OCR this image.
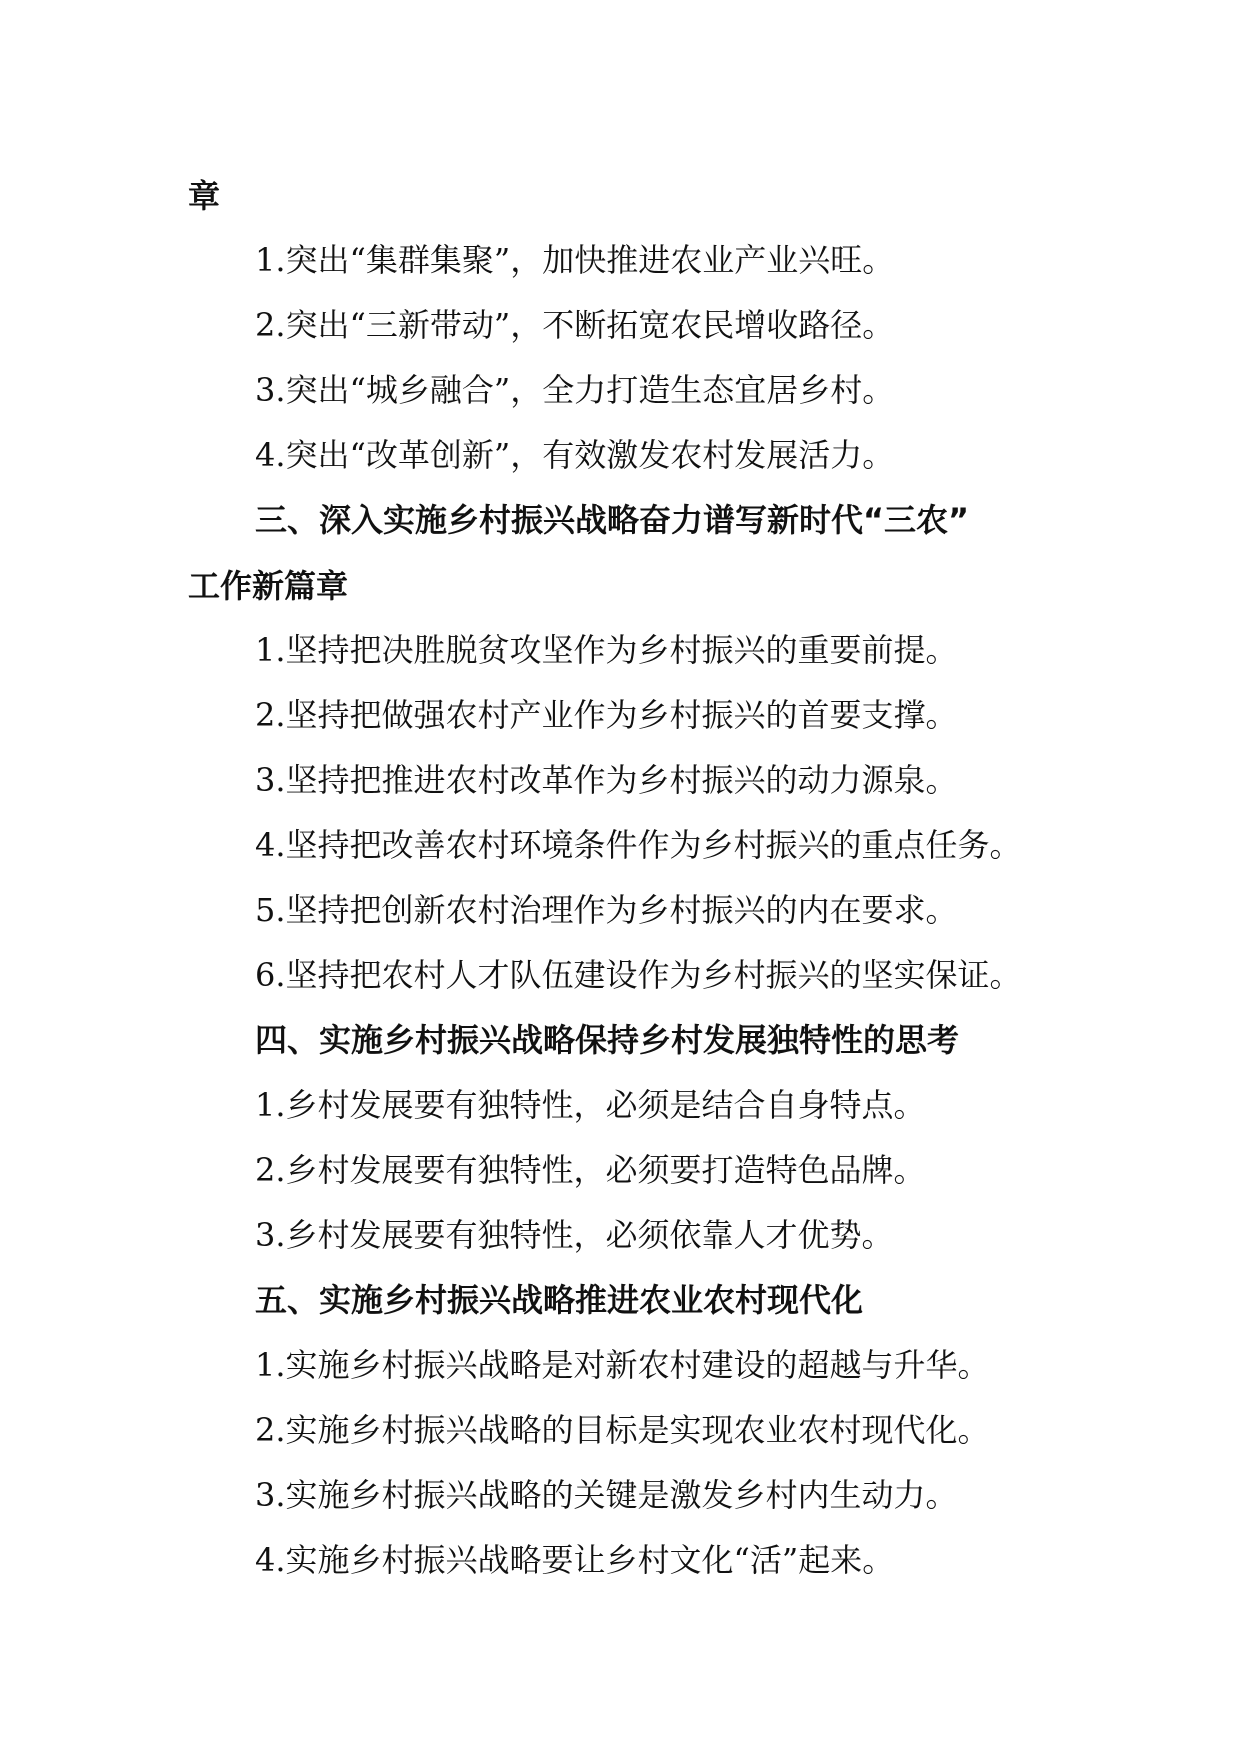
章
1.突出“集群集聚”，加快推进农业产业兴旺。
2.突出“三新带动”，不断拓宽农民增收路径。
3.突出“城乡融合”，全力打造生态宜居乡村。
4.突出“改革创新”，有效激发农村发展活力。
三、深入实施乡村振兴战略奋力谱写新时代“三农”
工作新篇章
1.坚持把决胜脱贫攻坚作为乡村振兴的重要前提。
2.坚持把做强农村产业作为乡村振兴的首要支撑。
3.坚持把推进农村改革作为乡村振兴的动力源泉。
4.坚持把改善农村环境条件作为乡村振兴的重点任务。
5.坚持把创新农村治理作为乡村振兴的内在要求。
6.坚持把农村人才队伍建设作为乡村振兴的坚实保证。
四、实施乡村振兴战略保持乡村发展独特性的思考
1.乡村发展要有独特性，必须是结合自身特点。
2.乡村发展要有独特性，必须要打造特色品牌。
3.乡村发展要有独特性，必须依靠人才优势。
五、实施乡村振兴战略推进农业农村现代化
1.实施乡村振兴战略是对新农村建设的超越与升华。
2.实施乡村振兴战略的目标是实现农业农村现代化。
3.实施乡村振兴战略的关键是激发乡村内生动力。
4.实施乡村振兴战略要让乡村文化“活”起来。
